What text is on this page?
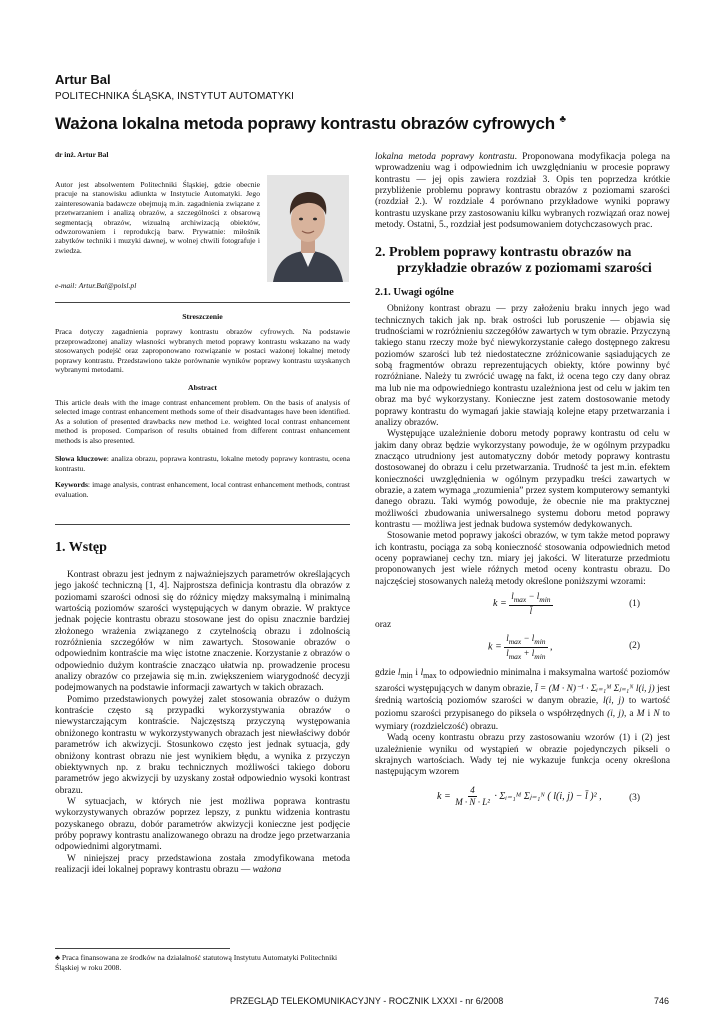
Artur Bal
POLITECHNIKA ŚLĄSKA, INSTYTUT AUTOMATYKI
Ważona lokalna metoda poprawy kontrastu obrazów cyfrowych ♣
dr inż. Artur Bal
Autor jest absolwentem Politechniki Śląskiej, gdzie obecnie pracuje na stanowisku adiunkta w Instytucie Automatyki. Jego zainteresowania badawcze obejmują m.in. zagadnienia związane z przetwarzaniem i analizą obrazów, a szczególności z obsarową segmentacją obrazów, wizualną archiwizacją obiektów, odwzorowaniem i reprodukcją barw. Prywatnie: miłośnik zabytków techniki i muzyki dawnej, w wolnej chwili fotografuje i zwiedza.
e-mail: Artur.Bal@polsl.pl
Streszczenie
Praca dotyczy zagadnienia poprawy kontrastu obrazów cyfrowych. Na podstawie przeprowadzonej analizy własności wybranych metod poprawy kontrastu wskazano na wady stosowanych podejść oraz zaproponowano rozwiązanie w postaci ważonej lokalnej metody poprawy kontrastu. Przedstawiono także porównanie wyników poprawy kontrastu uzyskanych wybranymi metodami.
Abstract
This article deals with the image contrast enhancement problem. On the basis of analysis of selected image contrast enhancement methods some of their disadvantages have been identified. As a solution of presented drawbacks new method i.e. weighted local contrast enhancement method is proposed. Comparison of results obtained from different contrast enhancement methods is also presented.
Słowa kluczowe: analiza obrazu, poprawa kontrastu, lokalne metody poprawy kontrastu, ocena kontrastu.
Keywords: image analysis, contrast enhancement, local contrast enhancement methods, contrast evaluation.
1. Wstęp

Kontrast obrazu jest jednym z najważniejszych parametrów określających jego jakość techniczną [1, 4]. Najprostsza definicja kontrastu dla obrazów z poziomami szarości odnosi się do różnicy między maksymalną i minimalną wartością poziomów szarości występujących w danym obrazie. W praktyce jednak pojęcie kontrastu obrazu stosowane jest do opisu znacznie bardziej złożonego wrażenia związanego z czytelnością obrazu i zdolnością rozróżnienia szczegółów w nim zawartych. Stosowanie obrazów o odpowiednim kontraście ma więc istotne znaczenie. Korzystanie z obrazów o odpowiednio dużym kontraście znacząco ułatwia np. prowadzenie procesu analizy obrazów co przejawia się m.in. zwiększeniem wiarygodność decyzji podejmowanych na podstawie informacji zawartych w takich obrazach.

Pomimo przedstawionych powyżej zalet stosowania obrazów o dużym kontraście często są przypadki wykorzystywania obrazów o niewystarczającym kontraście. Najczęstszą przyczyną występowania obniżonego kontrastu w wykorzystywanych obrazach jest niewłaściwy dobór parametrów ich akwizycji. Stosunkowo często jest jednak sytuacja, gdy obniżony kontrast obrazu nie jest wynikiem błędu, a wynika z przyczyn obiektywnych np. z braku technicznych możliwości takiego doboru parametrów jego akwizycji by uzyskany został odpowiednio wysoki kontrast obrazu.

W sytuacjach, w których nie jest możliwa poprawa kontrastu wykorzystywanych obrazów poprzez lepszy, z punktu widzenia kontrastu pozyskanego obrazu, dobór parametrów akwizycji konieczne jest podjęcie próby poprawy kontrastu analizowanego obrazu na drodze jego przetwarzania odpowiednimi algorytmami.

W niniejszej pracy przedstawiona została zmodyfikowana metoda realizacji idei lokalnej poprawy kontrastu obrazu — ważona

♣ Praca finansowana ze środków na działalność statutową Instytutu Automatyki Politechniki Śląskiej w roku 2008.

lokalna metoda poprawy kontrastu. Proponowana modyfikacja polega na wprowadzeniu wag i odpowiednim ich uwzględnianiu w procesie poprawy kontrastu — jej opis zawiera rozdział 3. Opis ten poprzedza krótkie przybliżenie problemu poprawy kontrastu obrazów z poziomami szarości (rozdział 2.). W rozdziale 4 porównano przykładowe wyniki poprawy kontrastu uzyskane przy zastosowaniu kilku wybranych rozwiązań oraz nowej metody. Ostatni, 5., rozdział jest podsumowaniem dotychczasowych prac.

2. Problem poprawy kontrastu obrazów na
przykładzie obrazów z poziomami szarości
2.1. Uwagi ogólne

Obniżony kontrast obrazu — przy założeniu braku innych jego wad technicznych takich jak np. brak ostrości lub poruszenie — objawia się trudnościami w rozróżnieniu szczegółów zawartych w tym obrazie. Przyczyną takiego stanu rzeczy może być niewykorzystanie całego dostępnego zakresu poziomów szarości lub też niedostateczne zróżnicowanie sąsiadujących ze sobą fragmentów obrazu reprezentujących obiekty, które powinny być rozróżniane. Należy tu zwrócić uwagę na fakt, iż ocena tego czy dany obraz ma lub nie ma odpowiedniego kontrastu uzależniona jest od celu w jakim ten obraz ma być wykorzystany. Konieczne jest zatem dostosowanie metody poprawy kontrastu do wymagań jakie stawiają kolejne etapy przetwarzania i analizy obrazów.

Występujące uzależnienie doboru metody poprawy kontrastu od celu w jakim dany obraz będzie wykorzystany powoduje, że w ogólnym przypadku znacząco utrudniony jest automatyczny dobór metody poprawy kontrastu dostosowanej do obrazu i celu przetwarzania. Trudność ta jest m.in. efektem konieczności uwzględnienia w ogólnym przypadku treści zawartych w obrazie, a zatem wymaga „rozumienia” przez system komputerowy semantyki danego obrazu. Taki wymóg powoduje, że obecnie nie ma praktycznej możliwości zbudowania uniwersalnego systemu doboru metod poprawy kontrastu — możliwa jest jednak budowa systemów dedykowanych.

Stosowanie metod poprawy jakości obrazów, w tym także metod poprawy ich kontrastu, pociąga za sobą konieczność stosowania odpowiednich metod oceny poprawianej cechy tzn. miary jej jakości. W literaturze przedmiotu proponowanych jest wiele różnych metod oceny kontrastu obrazu. Do najczęściej stosowanych należą metody określone poniższymi wzorami:

$k = \frac{l_{max} - l_{min}}{l̄}$	(1)

oraz

$k = \frac{l_{max} - l_{min}}{l_{max} + l_{min}}$ ,	(2)

gdzie $l_{min}$ i $l_{max}$ to odpowiednio minimalna i maksymalna wartość poziomów szarości występujących w danym obrazie, l̄ = (M · N)⁻¹ · Σᵢ₌₁ᴹ Σⱼ₌₁ᴺ l(i, j) jest średnią wartością poziomów szarości w danym obrazie, l(i, j) to wartość poziomu szarości przypisanego do piksela o współrzędnych (i, j), a M i N to wymiary (rozdzielczość) obrazu.

Wadą oceny kontrastu obrazu przy zastosowaniu wzorów (1) i (2) jest uzależnienie wyniku od wystąpień w obrazie pojedynczych pikseli o skrajnych wartościach. Wady tej nie wykazuje funkcja oceny określona następującym wzorem

$k = \frac{4}{\text{M · N · L²}}$ · Σᵢ₌₁ᴹ Σⱼ₌₁ᴺ ( l(i, j) − l̄ )² ,	(3)
PRZEGLĄD TELEKOMUNIKACYJNY - ROCZNIK LXXXI - nr 6/2008	746
